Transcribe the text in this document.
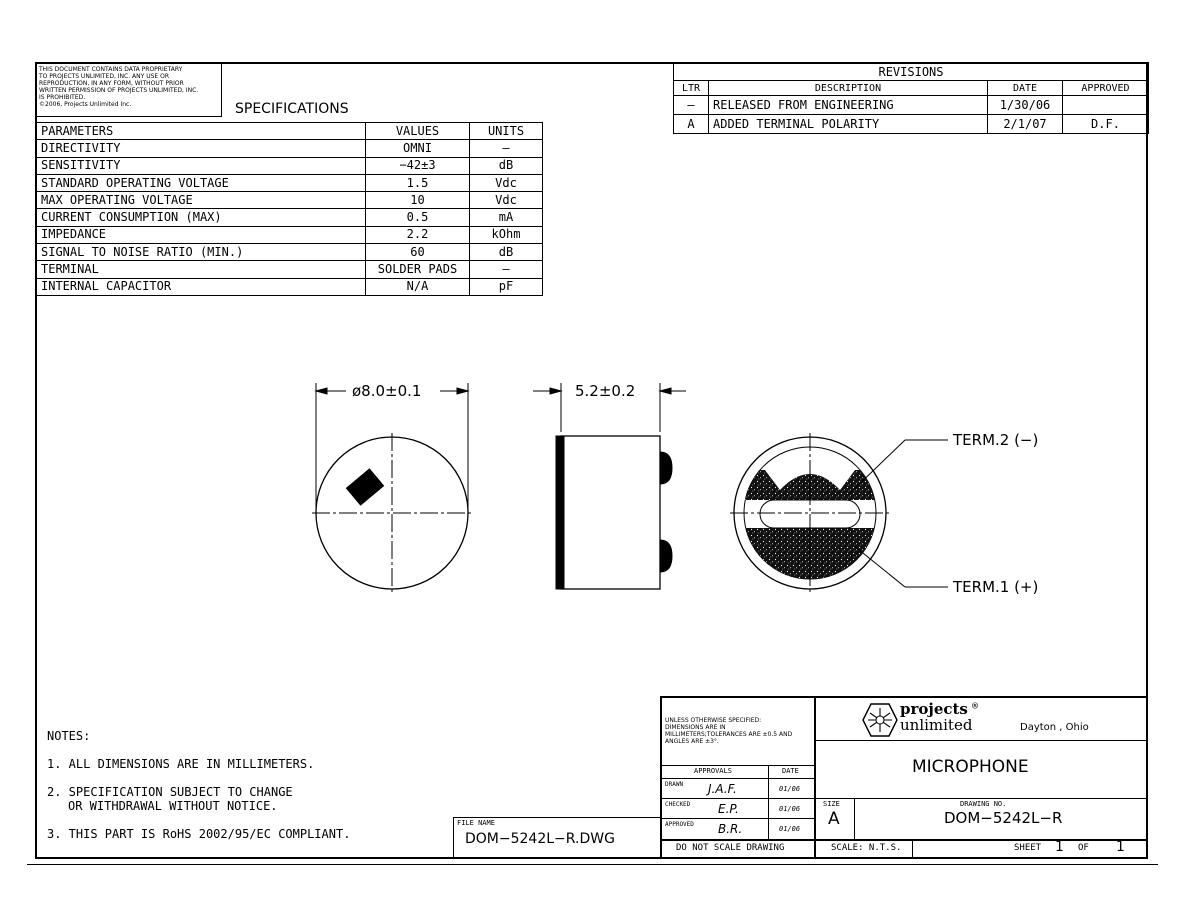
THIS DOCUMENT CONTAINS DATA PROPRIETARY
TO PROJECTS UNLIMITED, INC. ANY USE OR
REPRODUCTION, IN ANY FORM, WITHOUT PRIOR
WRITTEN PERMISSION OF PROJECTS UNLIMITED, INC.
IS PROHIBITED.
©2006, Projects Unlimited Inc.	SPECIFICATIONS
PARAMETERS	VALUES	UNITS
DIRECTIVITY	OMNI	—
SENSITIVITY	−42±3	dB
STANDARD OPERATING VOLTAGE	1.5	Vdc
MAX OPERATING VOLTAGE	10	Vdc
CURRENT CONSUMPTION (MAX)	0.5	mA
IMPEDANCE	2.2	kOhm
SIGNAL TO NOISE RATIO (MIN.)	60	dB
TERMINAL	SOLDER PADS	—
INTERNAL CAPACITOR	N/A	pF
REVISIONS			
LTR	DESCRIPTION	DATE	APPROVED
—	RELEASED FROM ENGINEERING	1/30/06	
A	ADDED TERMINAL POLARITY	2/1/07	D.F.
ø8.0±0.1	5.2±0.2
TERM.2 (−)
TERM.1 (+)
NOTES:
1. ALL DIMENSIONS ARE IN MILLIMETERS.
2. SPECIFICATION SUBJECT TO CHANGE
OR WITHDRAWAL WITHOUT NOTICE.
3. THIS PART IS RoHS 2002/95/EC COMPLIANT.
FILE NAME
DOM−5242L−R.DWG
UNLESS OTHERWISE SPECIFIED:
DIMENSIONS ARE IN
MILLIMETERS;TOLERANCES ARE ±0.5 AND
ANGLES ARE ±3°.
APPROVALS	DATE
DRAWN J.A.F.	01/06
CHECKED E.P.	01/06
APPROVED B.R.	01/06
DO NOT SCALE DRAWING
projects ®
unlimited	Dayton , Ohio
MICROPHONE
SIZE
A
DRAWING NO.
DOM−5242L−R
SCALE: N.T.S.	SHEET 1 OF 1
